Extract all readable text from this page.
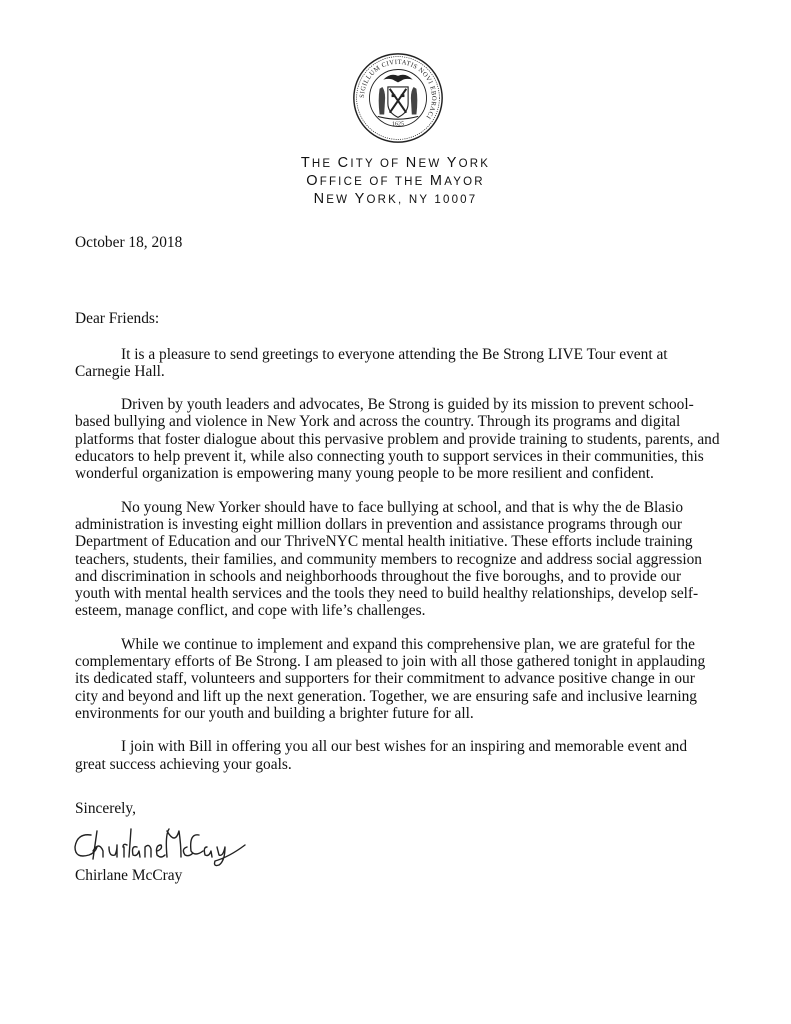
SIGILLUM CIVITATIS NOVI EBORACI
1625
THE CITY OF NEW YORK
OFFICE OF THE MAYOR
NEW YORK, NY 10007
October 18, 2018
Dear Friends:

It is a pleasure to send greetings to everyone attending the Be Strong LIVE Tour event at Carnegie Hall.

Driven by youth leaders and advocates, Be Strong is guided by its mission to prevent school-based bullying and violence in New York and across the country. Through its programs and digital platforms that foster dialogue about this pervasive problem and provide training to students, parents, and educators to help prevent it, while also connecting youth to support services in their communities, this wonderful organization is empowering many young people to be more resilient and confident.

No young New Yorker should have to face bullying at school, and that is why the de Blasio administration is investing eight million dollars in prevention and assistance programs through our Department of Education and our ThriveNYC mental health initiative. These efforts include training teachers, students, their families, and community members to recognize and address social aggression and discrimination in schools and neighborhoods throughout the five boroughs, and to provide our youth with mental health services and the tools they need to build healthy relationships, develop self-esteem, manage conflict, and cope with life’s challenges.

While we continue to implement and expand this comprehensive plan, we are grateful for the complementary efforts of Be Strong. I am pleased to join with all those gathered tonight in applauding its dedicated staff, volunteers and supporters for their commitment to advance positive change in our city and beyond and lift up the next generation. Together, we are ensuring safe and inclusive learning environments for our youth and building a brighter future for all.

I join with Bill in offering you all our best wishes for an inspiring and memorable event and great success achieving your goals.

Sincerely,
Chirlane McCray
